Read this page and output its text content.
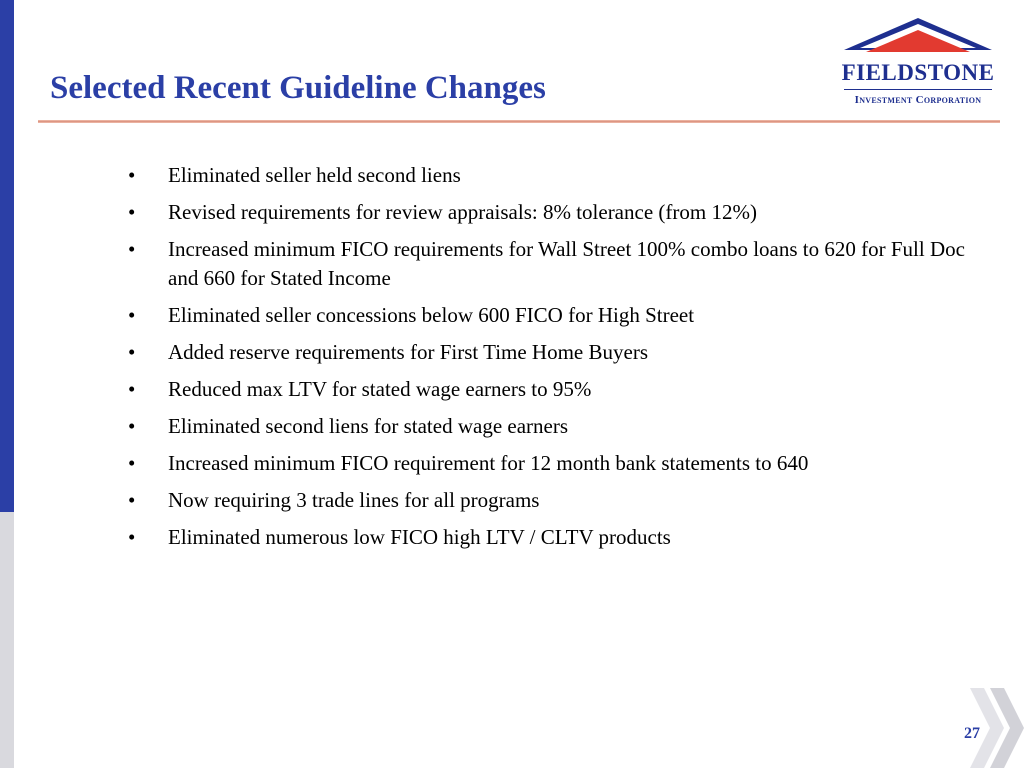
Selected Recent Guideline Changes	FIELDSTONE
Investment Corporation
• Eliminated seller held second liens
• Revised requirements for review appraisals: 8% tolerance (from 12%)
• Increased minimum FICO requirements for Wall Street 100% combo loans to 620 for Full Doc and 660 for Stated Income
• Eliminated seller concessions below 600 FICO for High Street
• Added reserve requirements for First Time Home Buyers
• Reduced max LTV for stated wage earners to 95%
• Eliminated second liens for stated wage earners
• Increased minimum FICO requirement for 12 month bank statements to 640
• Now requiring 3 trade lines for all programs
• Eliminated numerous low FICO high LTV / CLTV products
27
